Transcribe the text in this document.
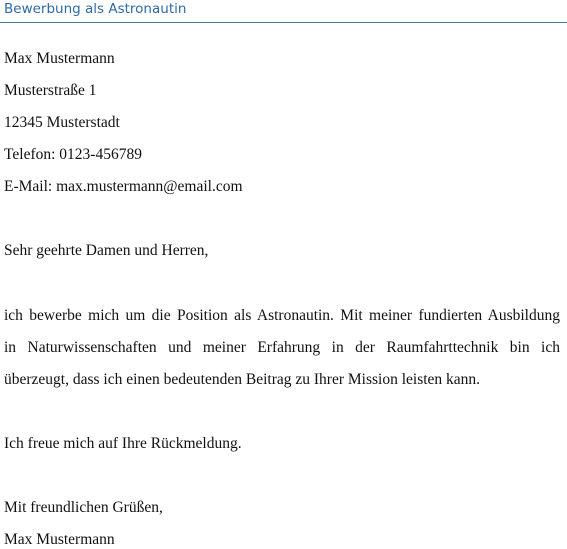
Bewerbung als Astronautin
Max Mustermann
Musterstraße 1
12345 Musterstadt
Telefon: 0123-456789
E-Mail: max.mustermann@email.com
Sehr geehrte Damen und Herren,
ich bewerbe mich um die Position als Astronautin. Mit meiner fundierten Ausbildung
in Naturwissenschaften und meiner Erfahrung in der Raumfahrttechnik bin ich
überzeugt, dass ich einen bedeutenden Beitrag zu Ihrer Mission leisten kann.
Ich freue mich auf Ihre Rückmeldung.
Mit freundlichen Grüßen,
Max Mustermann
